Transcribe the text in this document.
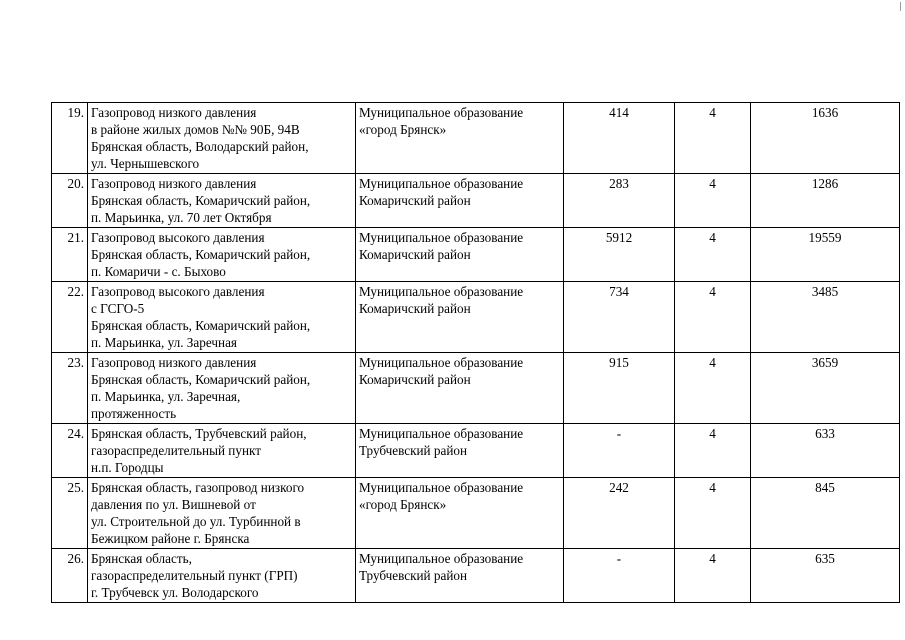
19.	Газопровод низкого давления
в районе жилых домов №№ 90Б, 94В
Брянская область, Володарский район,
ул. Чернышевского	Муниципальное образование
«город Брянск»	414	4	1636
20.	Газопровод низкого давления
Брянская область, Комаричский район,
п. Марьинка, ул. 70 лет Октября	Муниципальное образование
Комаричский район	283	4	1286
21.	Газопровод высокого давления
Брянская область, Комаричский район,
п. Комаричи - с. Быхово	Муниципальное образование
Комаричский район	5912	4	19559
22.	Газопровод высокого давления
с ГСГО-5
Брянская область, Комаричский район,
п. Марьинка, ул. Заречная	Муниципальное образование
Комаричский район	734	4	3485
23.	Газопровод низкого давления
Брянская область, Комаричский район,
п. Марьинка, ул. Заречная,
протяженность	Муниципальное образование
Комаричский район	915	4	3659
24.	Брянская область, Трубчевский район,
газораспределительный пункт
н.п. Городцы	Муниципальное образование
Трубчевский район	-	4	633
25.	Брянская область, газопровод низкого
давления по ул. Вишневой от
ул. Строительной до ул. Турбинной в
Бежицком районе г. Брянска	Муниципальное образование
«город Брянск»	242	4	845
26.	Брянская область,
газораспределительный пункт (ГРП)
г. Трубчевск ул. Володарского	Муниципальное образование
Трубчевский район	-	4	635
